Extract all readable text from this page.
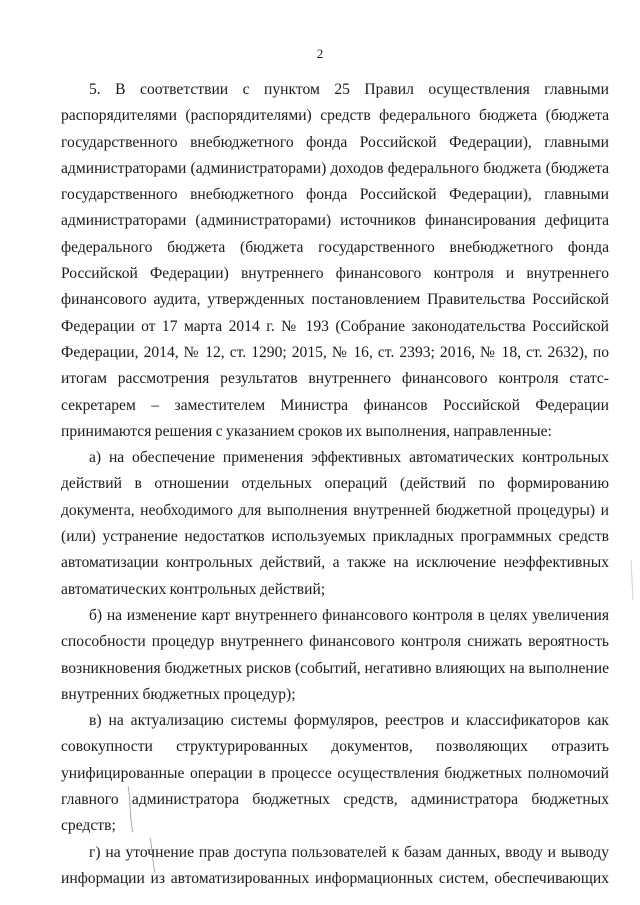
2

5. В соответствии с пунктом 25 Правил осуществления главными распорядителями (распорядителями) средств федерального бюджета (бюджета государственного внебюджетного фонда Российской Федерации), главными администраторами (администраторами) доходов федерального бюджета (бюджета государственного внебюджетного фонда Российской Федерации), главными администраторами (администраторами) источников финансирования дефицита федерального бюджета (бюджета государственного внебюджетного фонда Российской Федерации) внутреннего финансового контроля и внутреннего финансового аудита, утвержденных постановлением Правительства Российской Федерации от 17 марта 2014 г. № 193 (Собрание законодательства Российской Федерации, 2014, № 12, ст. 1290; 2015, № 16, ст. 2393; 2016, № 18, ст. 2632), по итогам рассмотрения результатов внутреннего финансового контроля статс-секретарем – заместителем Министра финансов Российской Федерации принимаются решения с указанием сроков их выполнения, направленные:

а) на обеспечение применения эффективных автоматических контрольных действий в отношении отдельных операций (действий по формированию документа, необходимого для выполнения внутренней бюджетной процедуры) и (или) устранение недостатков используемых прикладных программных средств автоматизации контрольных действий, а также на исключение неэффективных автоматических контрольных действий;

б) на изменение карт внутреннего финансового контроля в целях увеличения способности процедур внутреннего финансового контроля снижать вероятность возникновения бюджетных рисков (событий, негативно влияющих на выполнение внутренних бюджетных процедур);

в) на актуализацию системы формуляров, реестров и классификаторов как совокупности структурированных документов, позволяющих отразить унифицированные операции в процессе осуществления бюджетных полномочий главного администратора бюджетных средств, администратора бюджетных средств;

г) на уточнение прав доступа пользователей к базам данных, вводу и выводу информации из автоматизированных информационных систем, обеспечивающих
